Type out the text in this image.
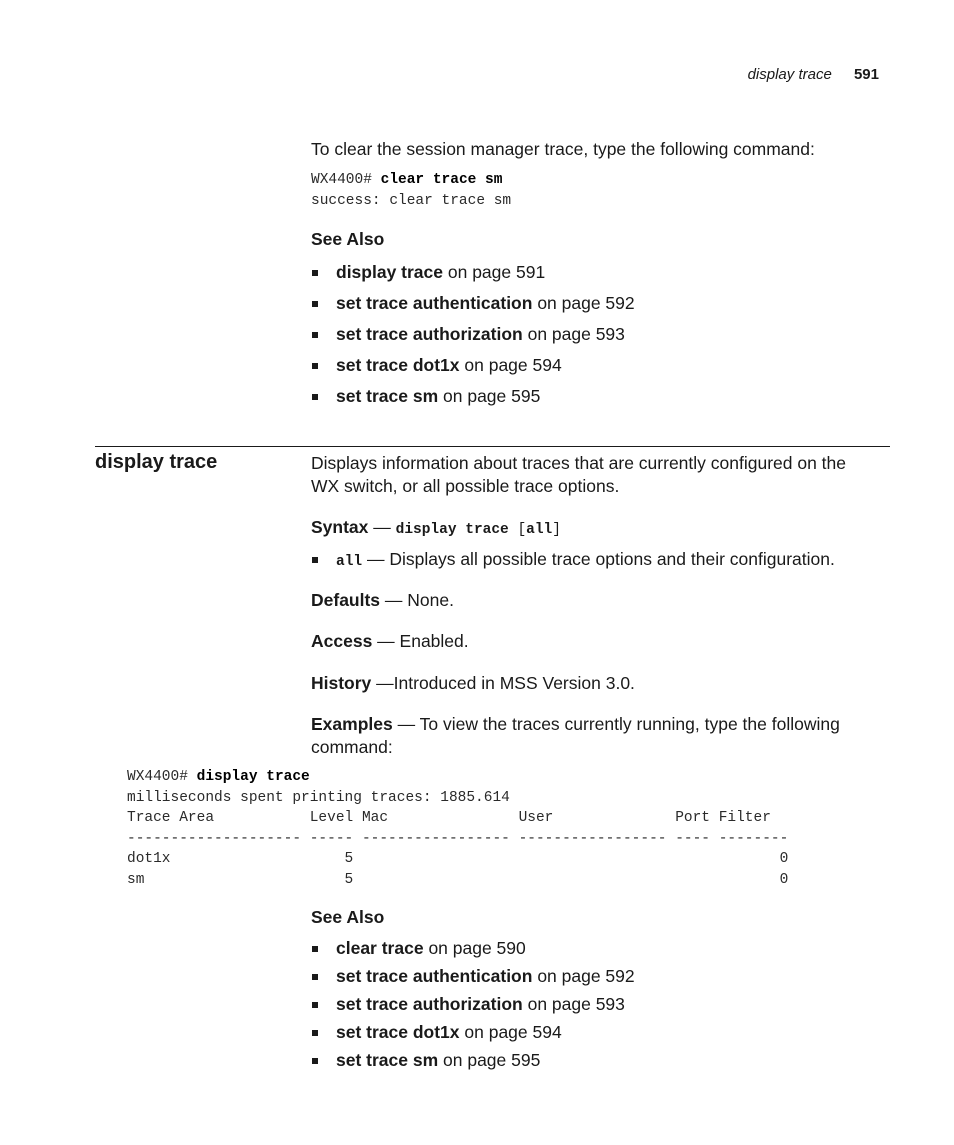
display trace 591
To clear the session manager trace, type the following command:
WX4400# clear trace sm
success: clear trace sm
See Also
display trace on page 591
set trace authentication on page 592
set trace authorization on page 593
set trace dot1x on page 594
set trace sm on page 595
display trace	Displays information about traces that are currently configured on the
WX switch, or all possible trace options.
Syntax — display trace [all]
all — Displays all possible trace options and their configuration.
Defaults — None.
Access — Enabled.
History —Introduced in MSS Version 3.0.
Examples — To view the traces currently running, type the following
command:
WX4400# display trace
milliseconds spent printing traces: 1885.614
Trace Area           Level Mac               User              Port Filter
-------------------- ----- ----------------- ----------------- ---- --------
dot1x                    5                                                 0
sm                       5                                                 0
See Also
clear trace on page 590
set trace authentication on page 592
set trace authorization on page 593
set trace dot1x on page 594
set trace sm on page 595
